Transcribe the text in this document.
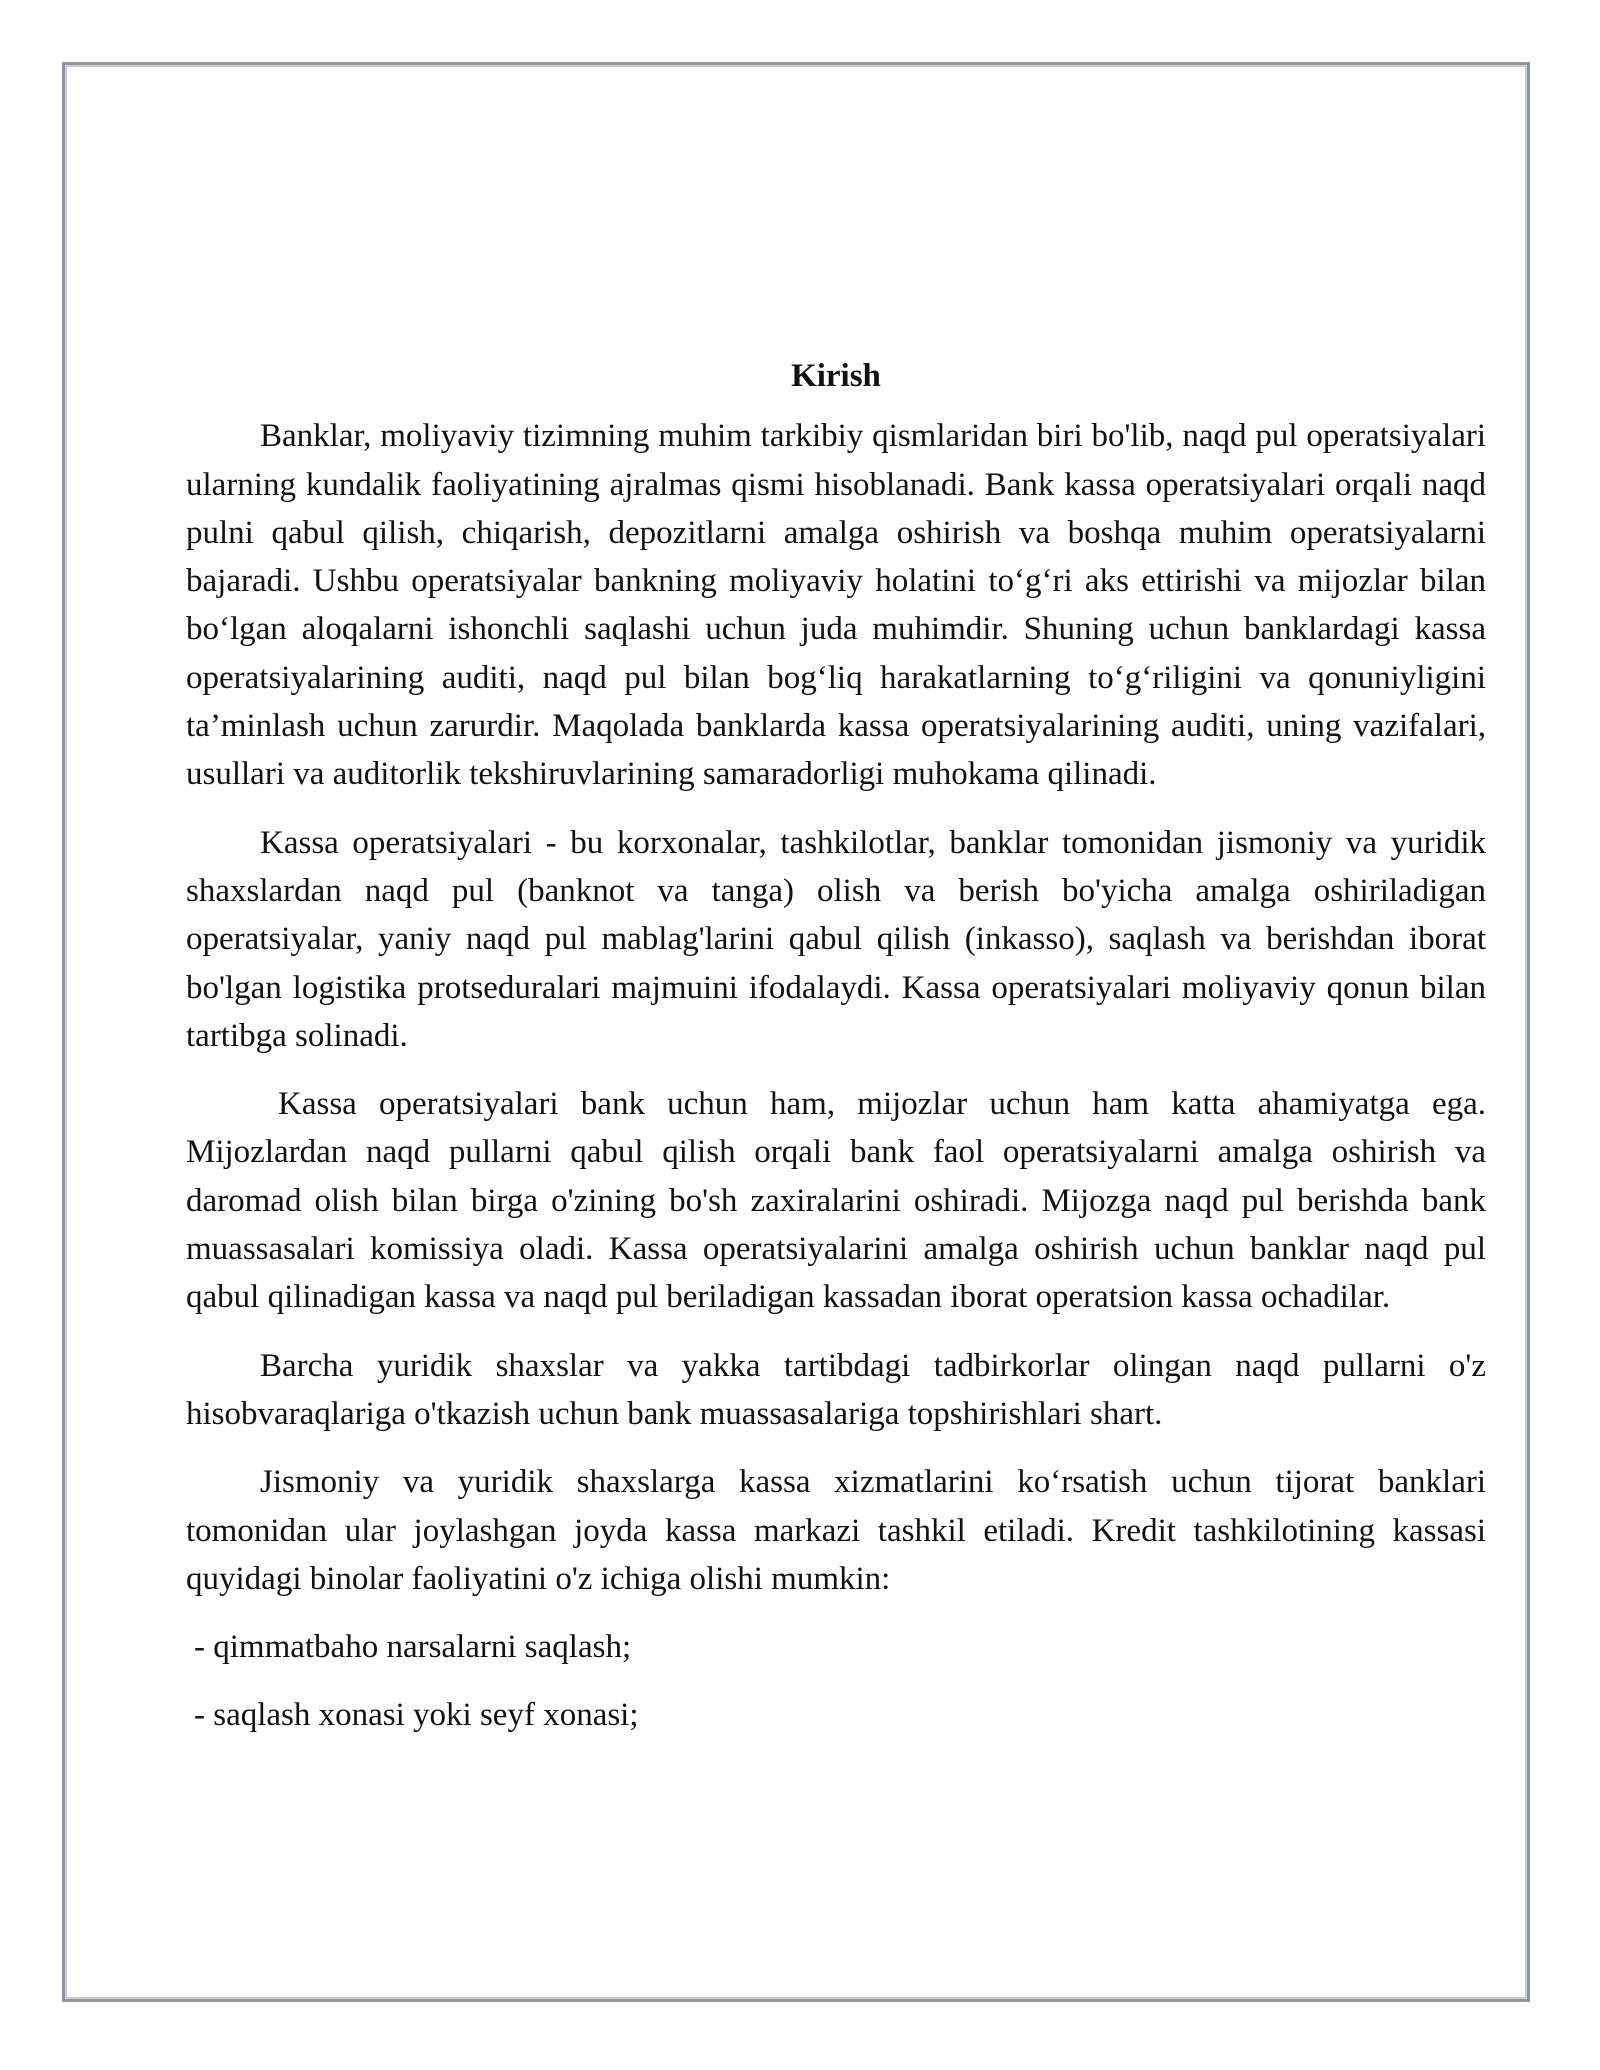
Kirish

Banklar, moliyaviy tizimning muhim tarkibiy qismlaridan biri bo'lib, naqd pul operatsiyalari ularning kundalik faoliyatining ajralmas qismi hisoblanadi. Bank kassa operatsiyalari orqali naqd pulni qabul qilish, chiqarish, depozitlarni amalga oshirish va boshqa muhim operatsiyalarni bajaradi. Ushbu operatsiyalar bankning moliyaviy holatini to‘g‘ri aks ettirishi va mijozlar bilan bo‘lgan aloqalarni ishonchli saqlashi uchun juda muhimdir. Shuning uchun banklardagi kassa operatsiyalarining auditi, naqd pul bilan bog‘liq harakatlarning to‘g‘riligini va qonuniyligini ta’minlash uchun zarurdir. Maqolada banklarda kassa operatsiyalarining auditi, uning vazifalari, usullari va auditorlik tekshiruvlarining samaradorligi muhokama qilinadi.

Kassa operatsiyalari - bu korxonalar, tashkilotlar, banklar tomonidan jismoniy va yuridik shaxslardan naqd pul (banknot va tanga) olish va berish bo'yicha amalga oshiriladigan operatsiyalar, yaniy naqd pul mablag'larini qabul qilish (inkasso), saqlash va berishdan iborat bo'lgan logistika protseduralari majmuini ifodalaydi. Kassa operatsiyalari moliyaviy qonun bilan tartibga solinadi.

Kassa operatsiyalari bank uchun ham, mijozlar uchun ham katta ahamiyatga ega. Mijozlardan naqd pullarni qabul qilish orqali bank faol operatsiyalarni amalga oshirish va daromad olish bilan birga o'zining bo'sh zaxiralarini oshiradi. Mijozga naqd pul berishda bank muassasalari komissiya oladi. Kassa operatsiyalarini amalga oshirish uchun banklar naqd pul qabul qilinadigan kassa va naqd pul beriladigan kassadan iborat operatsion kassa ochadilar.

Barcha yuridik shaxslar va yakka tartibdagi tadbirkorlar olingan naqd pullarni o'z hisobvaraqlariga o'tkazish uchun bank muassasalariga topshirishlari shart.

Jismoniy va yuridik shaxslarga kassa xizmatlarini ko‘rsatish uchun tijorat banklari tomonidan ular joylashgan joyda kassa markazi tashkil etiladi. Kredit tashkilotining kassasi quyidagi binolar faoliyatini o'z ichiga olishi mumkin:

- qimmatbaho narsalarni saqlash;
- saqlash xonasi yoki seyf xonasi;
